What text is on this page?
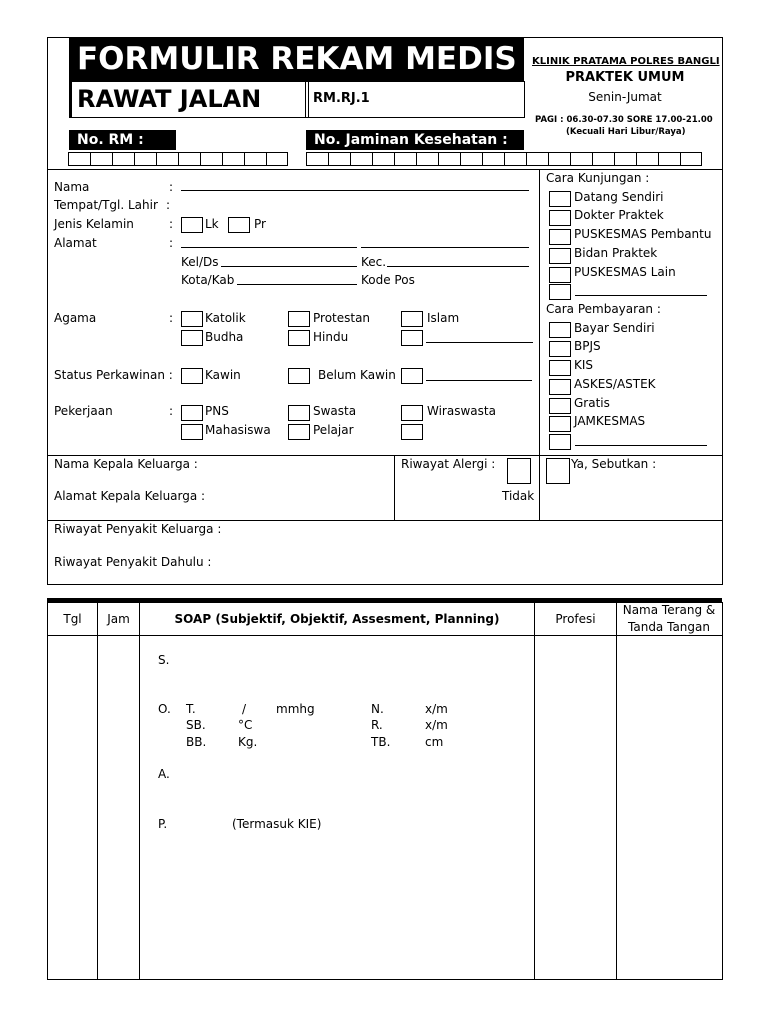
FORMULIR REKAM MEDIS
RAWAT JALAN	RM.RJ.1
KLINIK PRATAMA POLRES BANGLI
PRAKTEK UMUM
Senin-Jumat
PAGI : 06.30-07.30 SORE 17.00-21.00
(Kecuali Hari Libur/Raya)
No. RM :	No. Jaminan Kesehatan :
Nama	:
Tempat/Tgl. Lahir :
Jenis Kelamin	:	Lk	Pr
Alamat	:
Kel/Ds	Kec.
Kota/Kab	Kode Pos
Agama	:	Katolik	Protestan	Islam
Budha	Hindu
Status Perkawinan :	Kawin	Belum Kawin
Pekerjaan	:	PNS	Swasta	Wiraswasta
Mahasiswa	Pelajar
Cara Kunjungan :
Datang Sendiri
Dokter Praktek
PUSKESMAS Pembantu
Bidan Praktek
PUSKESMAS Lain
Cara Pembayaran :
Bayar Sendiri
BPJS
KIS
ASKES/ASTEK
Gratis
JAMKESMAS
Nama Kepala Keluarga :
Alamat Kepala Keluarga :
Riwayat Alergi :
Tidak
Ya, Sebutkan :
Riwayat Penyakit Keluarga :
Riwayat Penyakit Dahulu :
Tgl	Jam	SOAP (Subjektif, Objektif, Assesment, Planning)	Profesi
Nama Terang &
Tanda Tangan
S.
O. T.	/ mmhg	N.	x/m
SB.	°C	R.	x/m
BB.	Kg.	TB.	cm
A.
P.	(Termasuk KIE)
